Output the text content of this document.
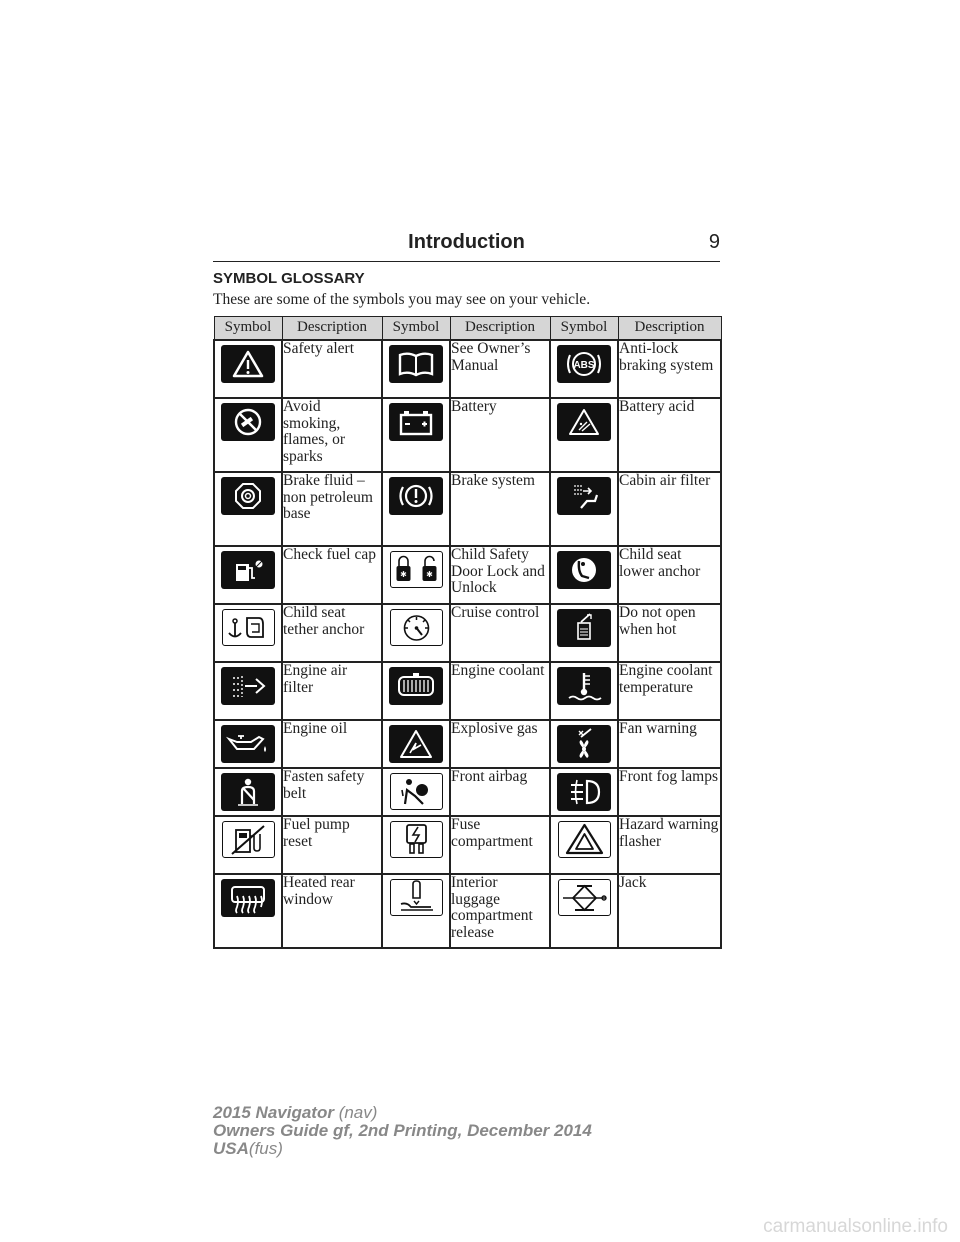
Introduction	9
SYMBOL GLOSSARY
These are some of the symbols you may see on your vehicle.
Symbol	Description	Symbol	Description	Symbol	Description

	Safety alert		See Owner’s Manual	ABS	Anti-lock braking system

	Avoid smoking, flames, or sparks		Battery		Battery acid

	Brake fluid – non petroleum base		Brake system		Cabin air filter

	Check fuel cap	✱ ✱	Child Safety Door Lock and Unlock		Child seat lower anchor

	Child seat tether anchor		Cruise control		Do not open when hot

	Engine air filter		Engine coolant		Engine coolant temperature

	Engine oil		Explosive gas		Fan warning

	Fasten safety belt		Front airbag		Front fog lamps

	Fuel pump reset		Fuse compartment		Hazard warning flasher

	Heated rear window		Interior luggage compartment release		Jack
2015 Navigator (nav)
Owners Guide gf, 2nd Printing, December 2014
USA(fus)
carmanualsonline.info
